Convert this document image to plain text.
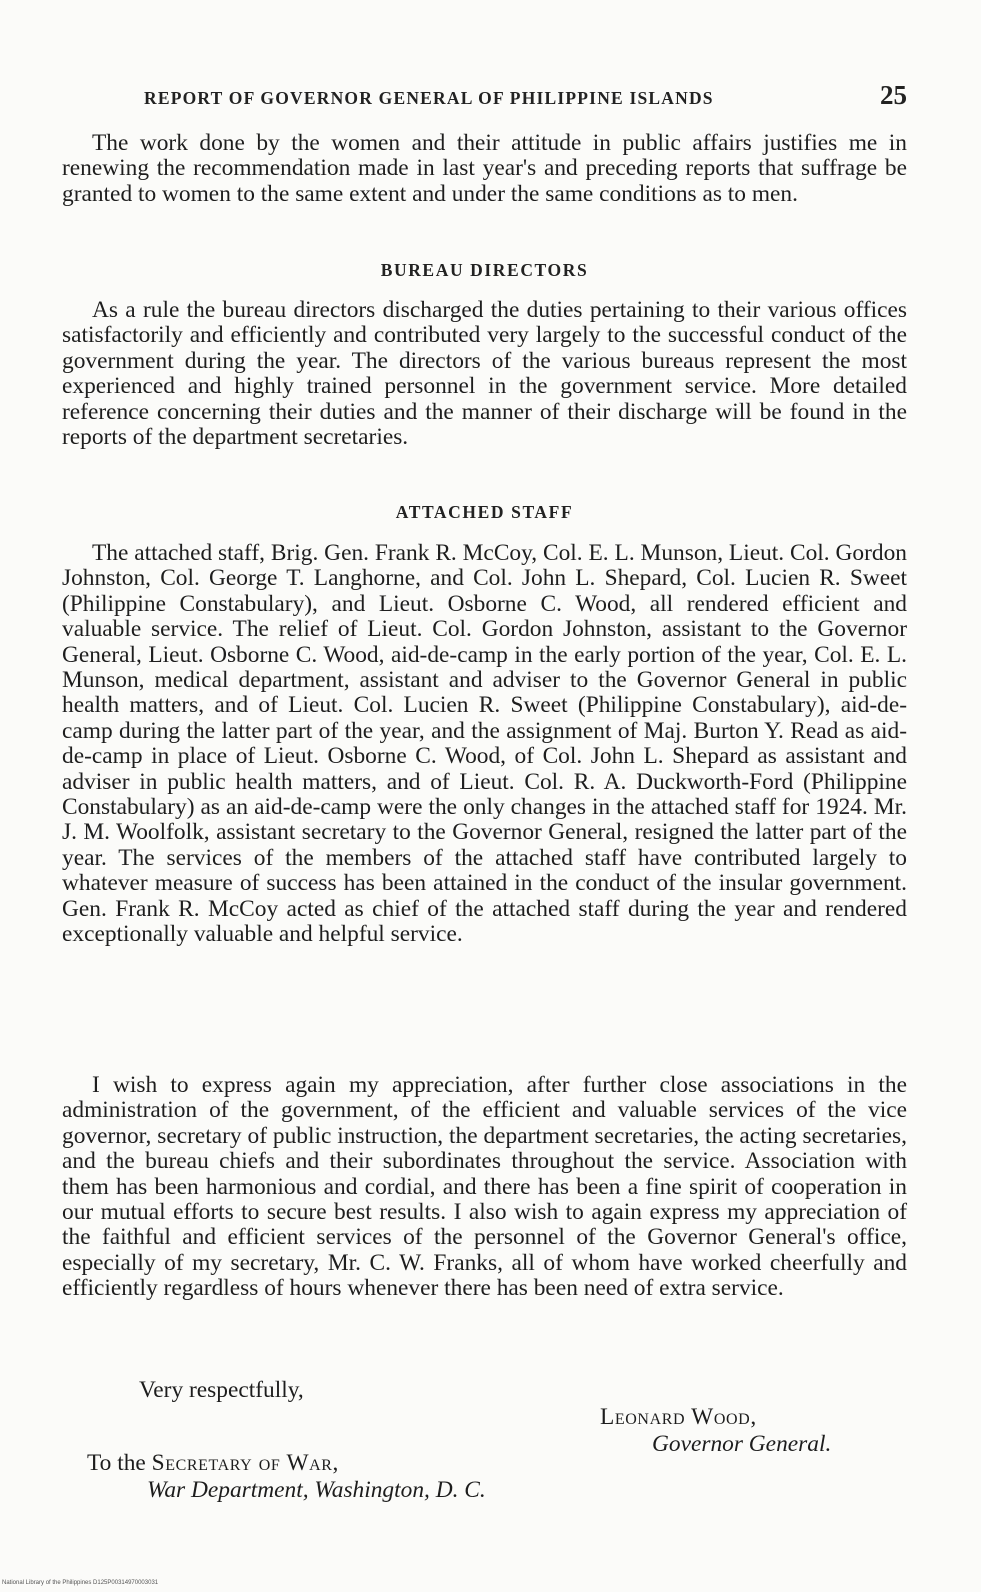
REPORT OF GOVERNOR GENERAL OF PHILIPPINE ISLANDS	25

The work done by the women and their attitude in public affairs justifies me in renewing the recommendation made in last year's and preceding reports that suffrage be granted to women to the same extent and under the same conditions as to men.

BUREAU DIRECTORS

As a rule the bureau directors discharged the duties pertaining to their various offices satisfactorily and efficiently and contributed very largely to the successful conduct of the government during the year. The directors of the various bureaus represent the most experienced and highly trained personnel in the government service. More detailed reference concerning their duties and the manner of their discharge will be found in the reports of the department secretaries.

ATTACHED STAFF

The attached staff, Brig. Gen. Frank R. McCoy, Col. E. L. Munson, Lieut. Col. Gordon Johnston, Col. George T. Langhorne, and Col. John L. Shepard, Col. Lucien R. Sweet (Philippine Constabulary), and Lieut. Osborne C. Wood, all rendered efficient and valuable service. The relief of Lieut. Col. Gordon Johnston, assistant to the Governor General, Lieut. Osborne C. Wood, aid-de-camp in the early portion of the year, Col. E. L. Munson, medical department, assistant and adviser to the Governor General in public health matters, and of Lieut. Col. Lucien R. Sweet (Philippine Constabulary), aid-de-camp during the latter part of the year, and the assignment of Maj. Burton Y. Read as aid-de-camp in place of Lieut. Osborne C. Wood, of Col. John L. Shepard as assistant and adviser in public health matters, and of Lieut. Col. R. A. Duckworth-Ford (Philippine Constabulary) as an aid-de-camp were the only changes in the attached staff for 1924. Mr. J. M. Woolfolk, assistant secretary to the Governor General, resigned the latter part of the year. The services of the members of the attached staff have contributed largely to whatever measure of success has been attained in the conduct of the insular government. Gen. Frank R. McCoy acted as chief of the attached staff during the year and rendered exceptionally valuable and helpful service.

I wish to express again my appreciation, after further close associations in the administration of the government, of the efficient and valuable services of the vice governor, secretary of public instruction, the department secretaries, the acting secretaries, and the bureau chiefs and their subordinates throughout the service. Association with them has been harmonious and cordial, and there has been a fine spirit of cooperation in our mutual efforts to secure best results. I also wish to again express my appreciation of the faithful and efficient services of the personnel of the Governor General's office, especially of my secretary, Mr. C. W. Franks, all of whom have worked cheerfully and efficiently regardless of hours whenever there has been need of extra service.

Very respectfully,
Leonard Wood,
Governor General.
To the Secretary of War,
War Department, Washington, D. C.
National Library of the Philippines D125P00314970003031
